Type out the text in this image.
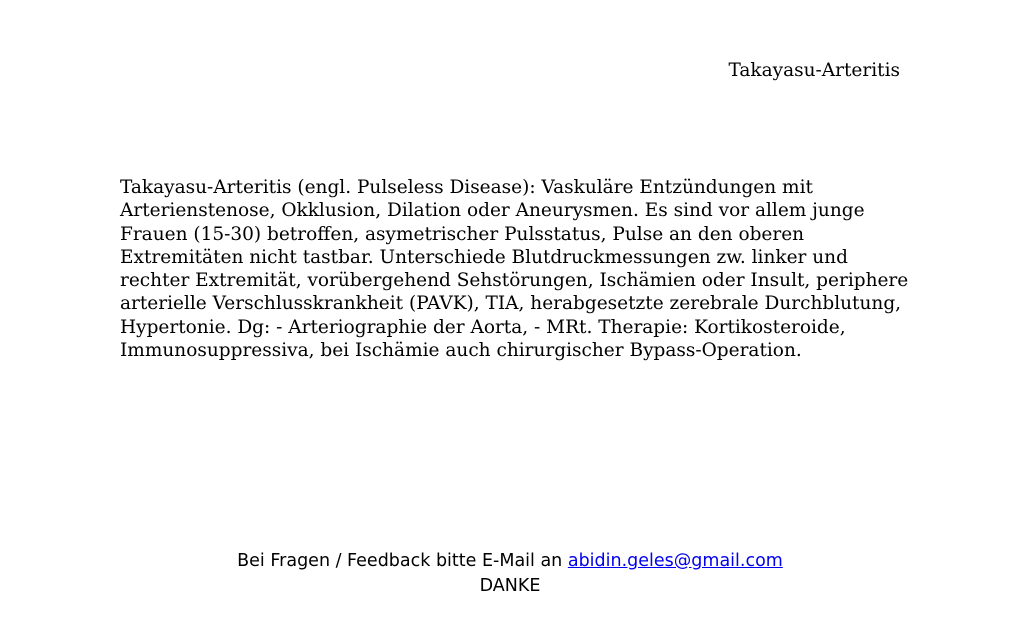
Takayasu-Arteritis

Takayasu-Arteritis (engl. Pulseless Disease): Vaskuläre Entzündungen mit Arterienstenose, Okklusion, Dilation oder Aneurysmen. Es sind vor allem junge Frauen (15-30) betroffen, asymetrischer Pulsstatus, Pulse an den oberen Extremitäten nicht tastbar. Unterschiede Blutdruckmessungen zw. linker und rechter Extremität, vorübergehend Sehstörungen, Ischämien oder Insult, periphere arterielle Verschlusskrankheit (PAVK), TIA, herabgesetzte zerebrale Durchblutung, Hypertonie. Dg: - Arteriographie der Aorta, - MRt. Therapie: Kortikosteroide, Immunosuppressiva, bei Ischämie auch chirurgischer Bypass-Operation.

Bei Fragen / Feedback bitte E-Mail an abidin.geles@gmail.com
DANKE
